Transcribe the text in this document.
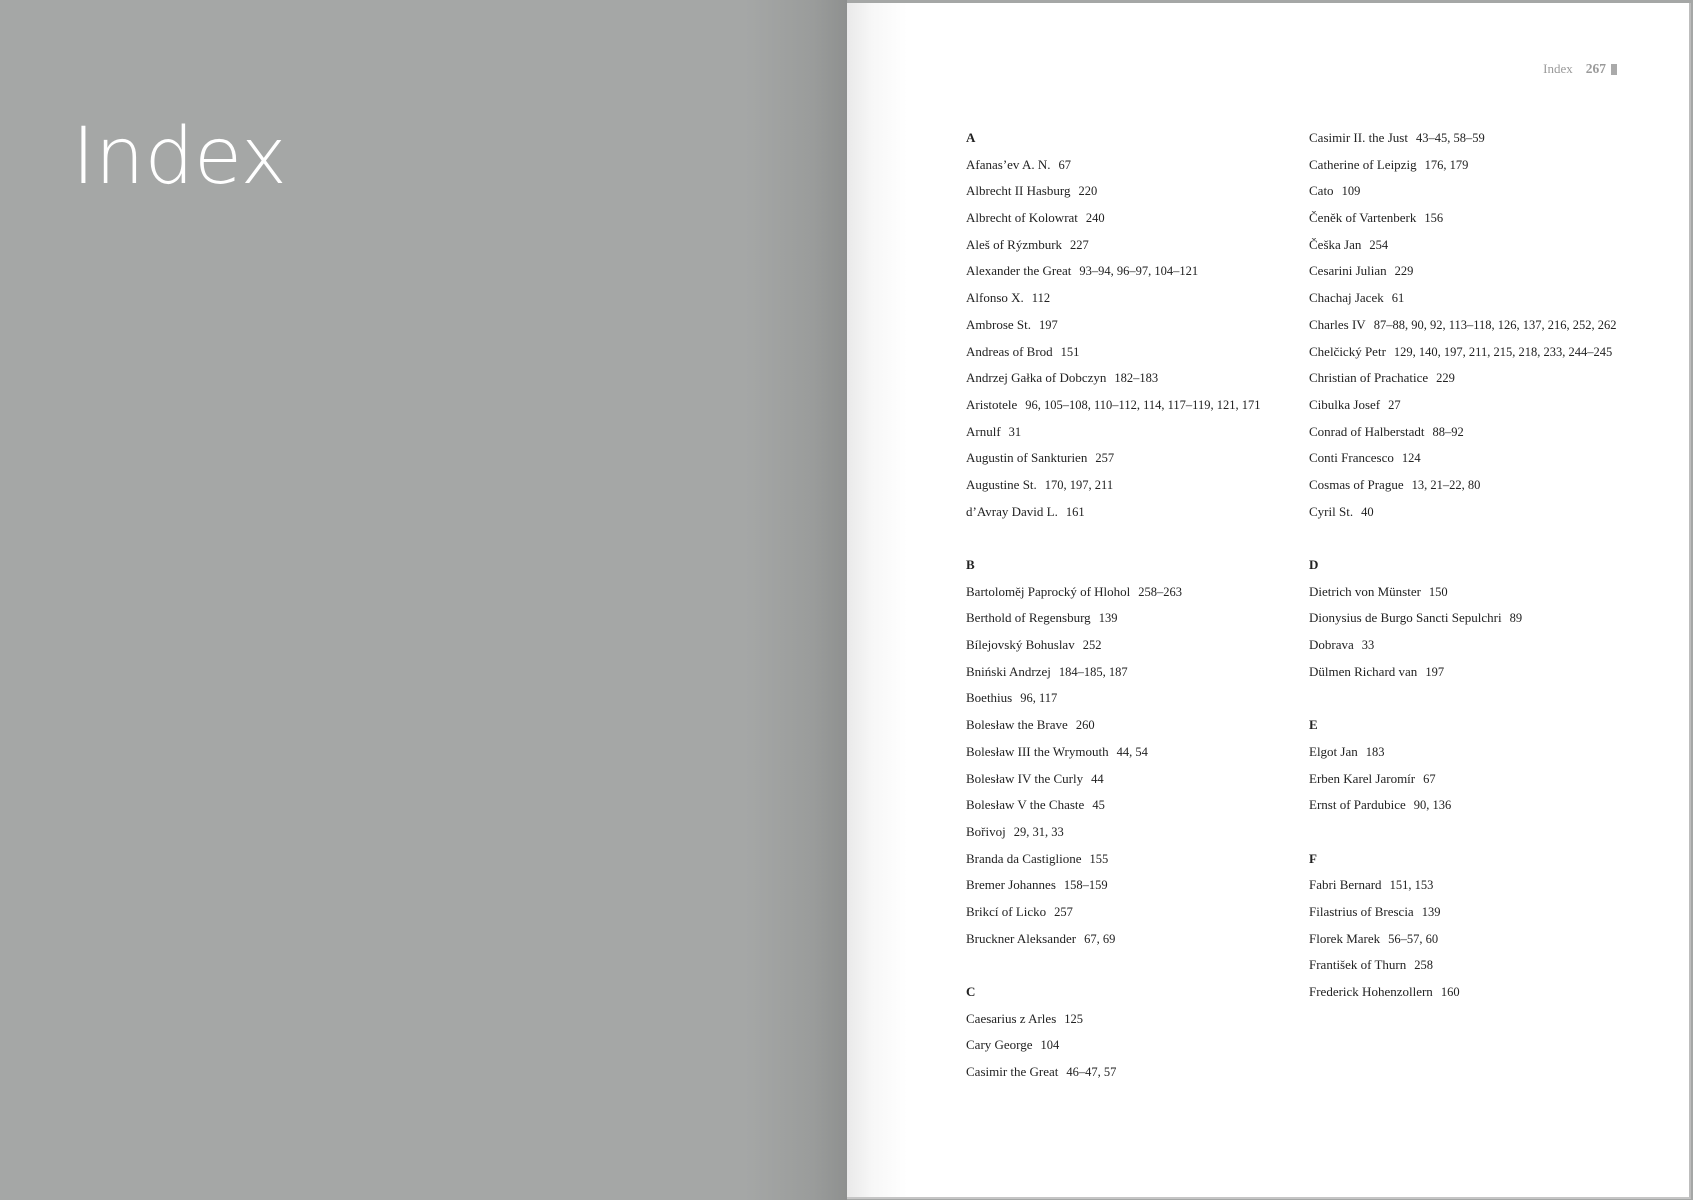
Index
Index 267
A
Afanas’ev A. N. 67
Albrecht II Hasburg 220
Albrecht of Kolowrat 240
Aleš of Rýzmburk 227
Alexander the Great 93–94, 96–97, 104–121
Alfonso X. 112
Ambrose St. 197
Andreas of Brod 151
Andrzej Gałka of Dobczyn 182–183
Aristotele 96, 105–108, 110–112, 114, 117–119, 121, 171
Arnulf 31
Augustin of Sankturien 257
Augustine St. 170, 197, 211
d’Avray David L. 161
B
Bartoloměj Paprocký of Hlohol 258–263
Berthold of Regensburg 139
Bílejovský Bohuslav 252
Bniński Andrzej 184–185, 187
Boethius 96, 117
Bolesław the Brave 260
Bolesław III the Wrymouth 44, 54
Bolesław IV the Curly 44
Bolesław V the Chaste 45
Bořivoj 29, 31, 33
Branda da Castiglione 155
Bremer Johannes 158–159
Brikcí of Licko 257
Bruckner Aleksander 67, 69
C
Caesarius z Arles 125
Cary George 104
Casimir the Great 46–47, 57
Casimir II. the Just 43–45, 58–59
Catherine of Leipzig 176, 179
Cato 109
Čeněk of Vartenberk 156
Češka Jan 254
Cesarini Julian 229
Chachaj Jacek 61
Charles IV 87–88, 90, 92, 113–118, 126, 137, 216, 252, 262
Chelčický Petr 129, 140, 197, 211, 215, 218, 233, 244–245
Christian of Prachatice 229
Cibulka Josef 27
Conrad of Halberstadt 88–92
Conti Francesco 124
Cosmas of Prague 13, 21–22, 80
Cyril St. 40
D
Dietrich von Münster 150
Dionysius de Burgo Sancti Sepulchri 89
Dobrava 33
Dülmen Richard van 197
E
Elgot Jan 183
Erben Karel Jaromír 67
Ernst of Pardubice 90, 136
F
Fabri Bernard 151, 153
Filastrius of Brescia 139
Florek Marek 56–57, 60
František of Thurn 258
Frederick Hohenzollern 160
